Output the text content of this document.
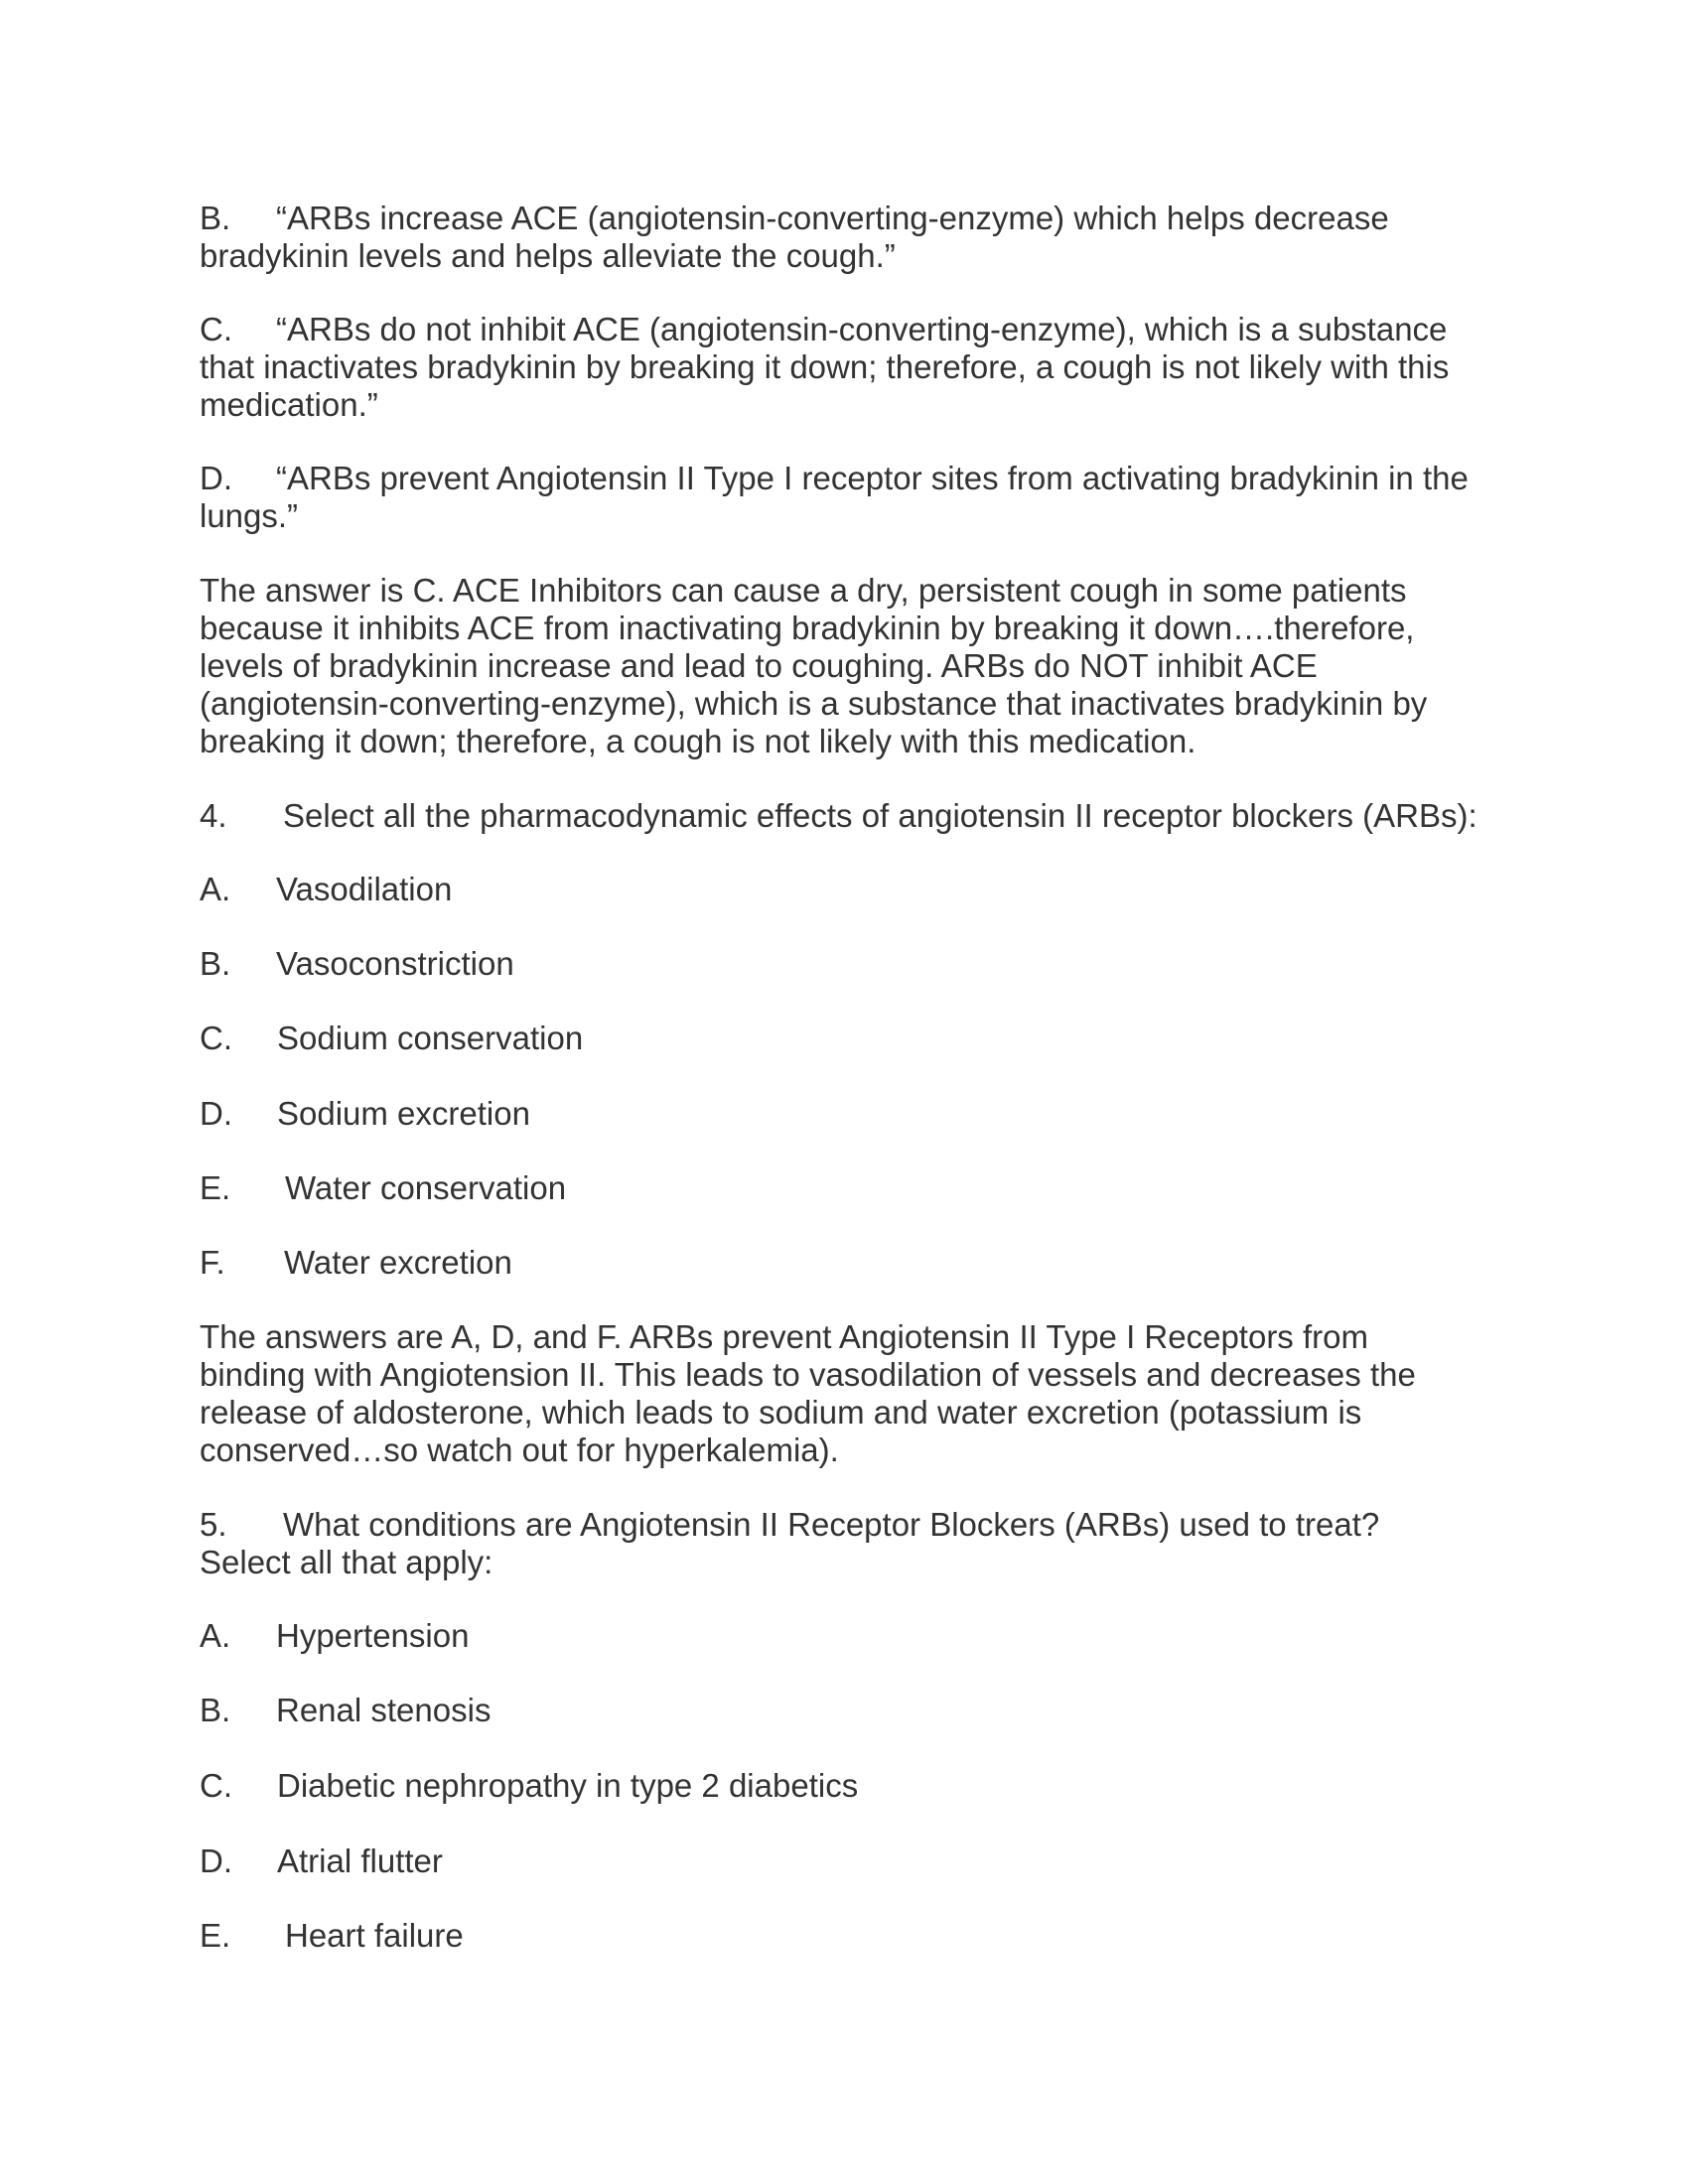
B. “ARBs increase ACE (angiotensin-converting-enzyme) which helps decrease
bradykinin levels and helps alleviate the cough.”
C. “ARBs do not inhibit ACE (angiotensin-converting-enzyme), which is a substance
that inactivates bradykinin by breaking it down; therefore, a cough is not likely with this
medication.”
D. “ARBs prevent Angiotensin II Type I receptor sites from activating bradykinin in the
lungs.”
The answer is C. ACE Inhibitors can cause a dry, persistent cough in some patients
because it inhibits ACE from inactivating bradykinin by breaking it down….therefore,
levels of bradykinin increase and lead to coughing. ARBs do NOT inhibit ACE
(angiotensin-converting-enzyme), which is a substance that inactivates bradykinin by
breaking it down; therefore, a cough is not likely with this medication.
4. Select all the pharmacodynamic effects of angiotensin II receptor blockers (ARBs):
A. Vasodilation
B. Vasoconstriction
C. Sodium conservation
D. Sodium excretion
E. Water conservation
F. Water excretion
The answers are A, D, and F. ARBs prevent Angiotensin II Type I Receptors from
binding with Angiotension II. This leads to vasodilation of vessels and decreases the
release of aldosterone, which leads to sodium and water excretion (potassium is
conserved…so watch out for hyperkalemia).
5. What conditions are Angiotensin II Receptor Blockers (ARBs) used to treat?
Select all that apply:
A. Hypertension
B. Renal stenosis
C. Diabetic nephropathy in type 2 diabetics
D. Atrial flutter
E. Heart failure
